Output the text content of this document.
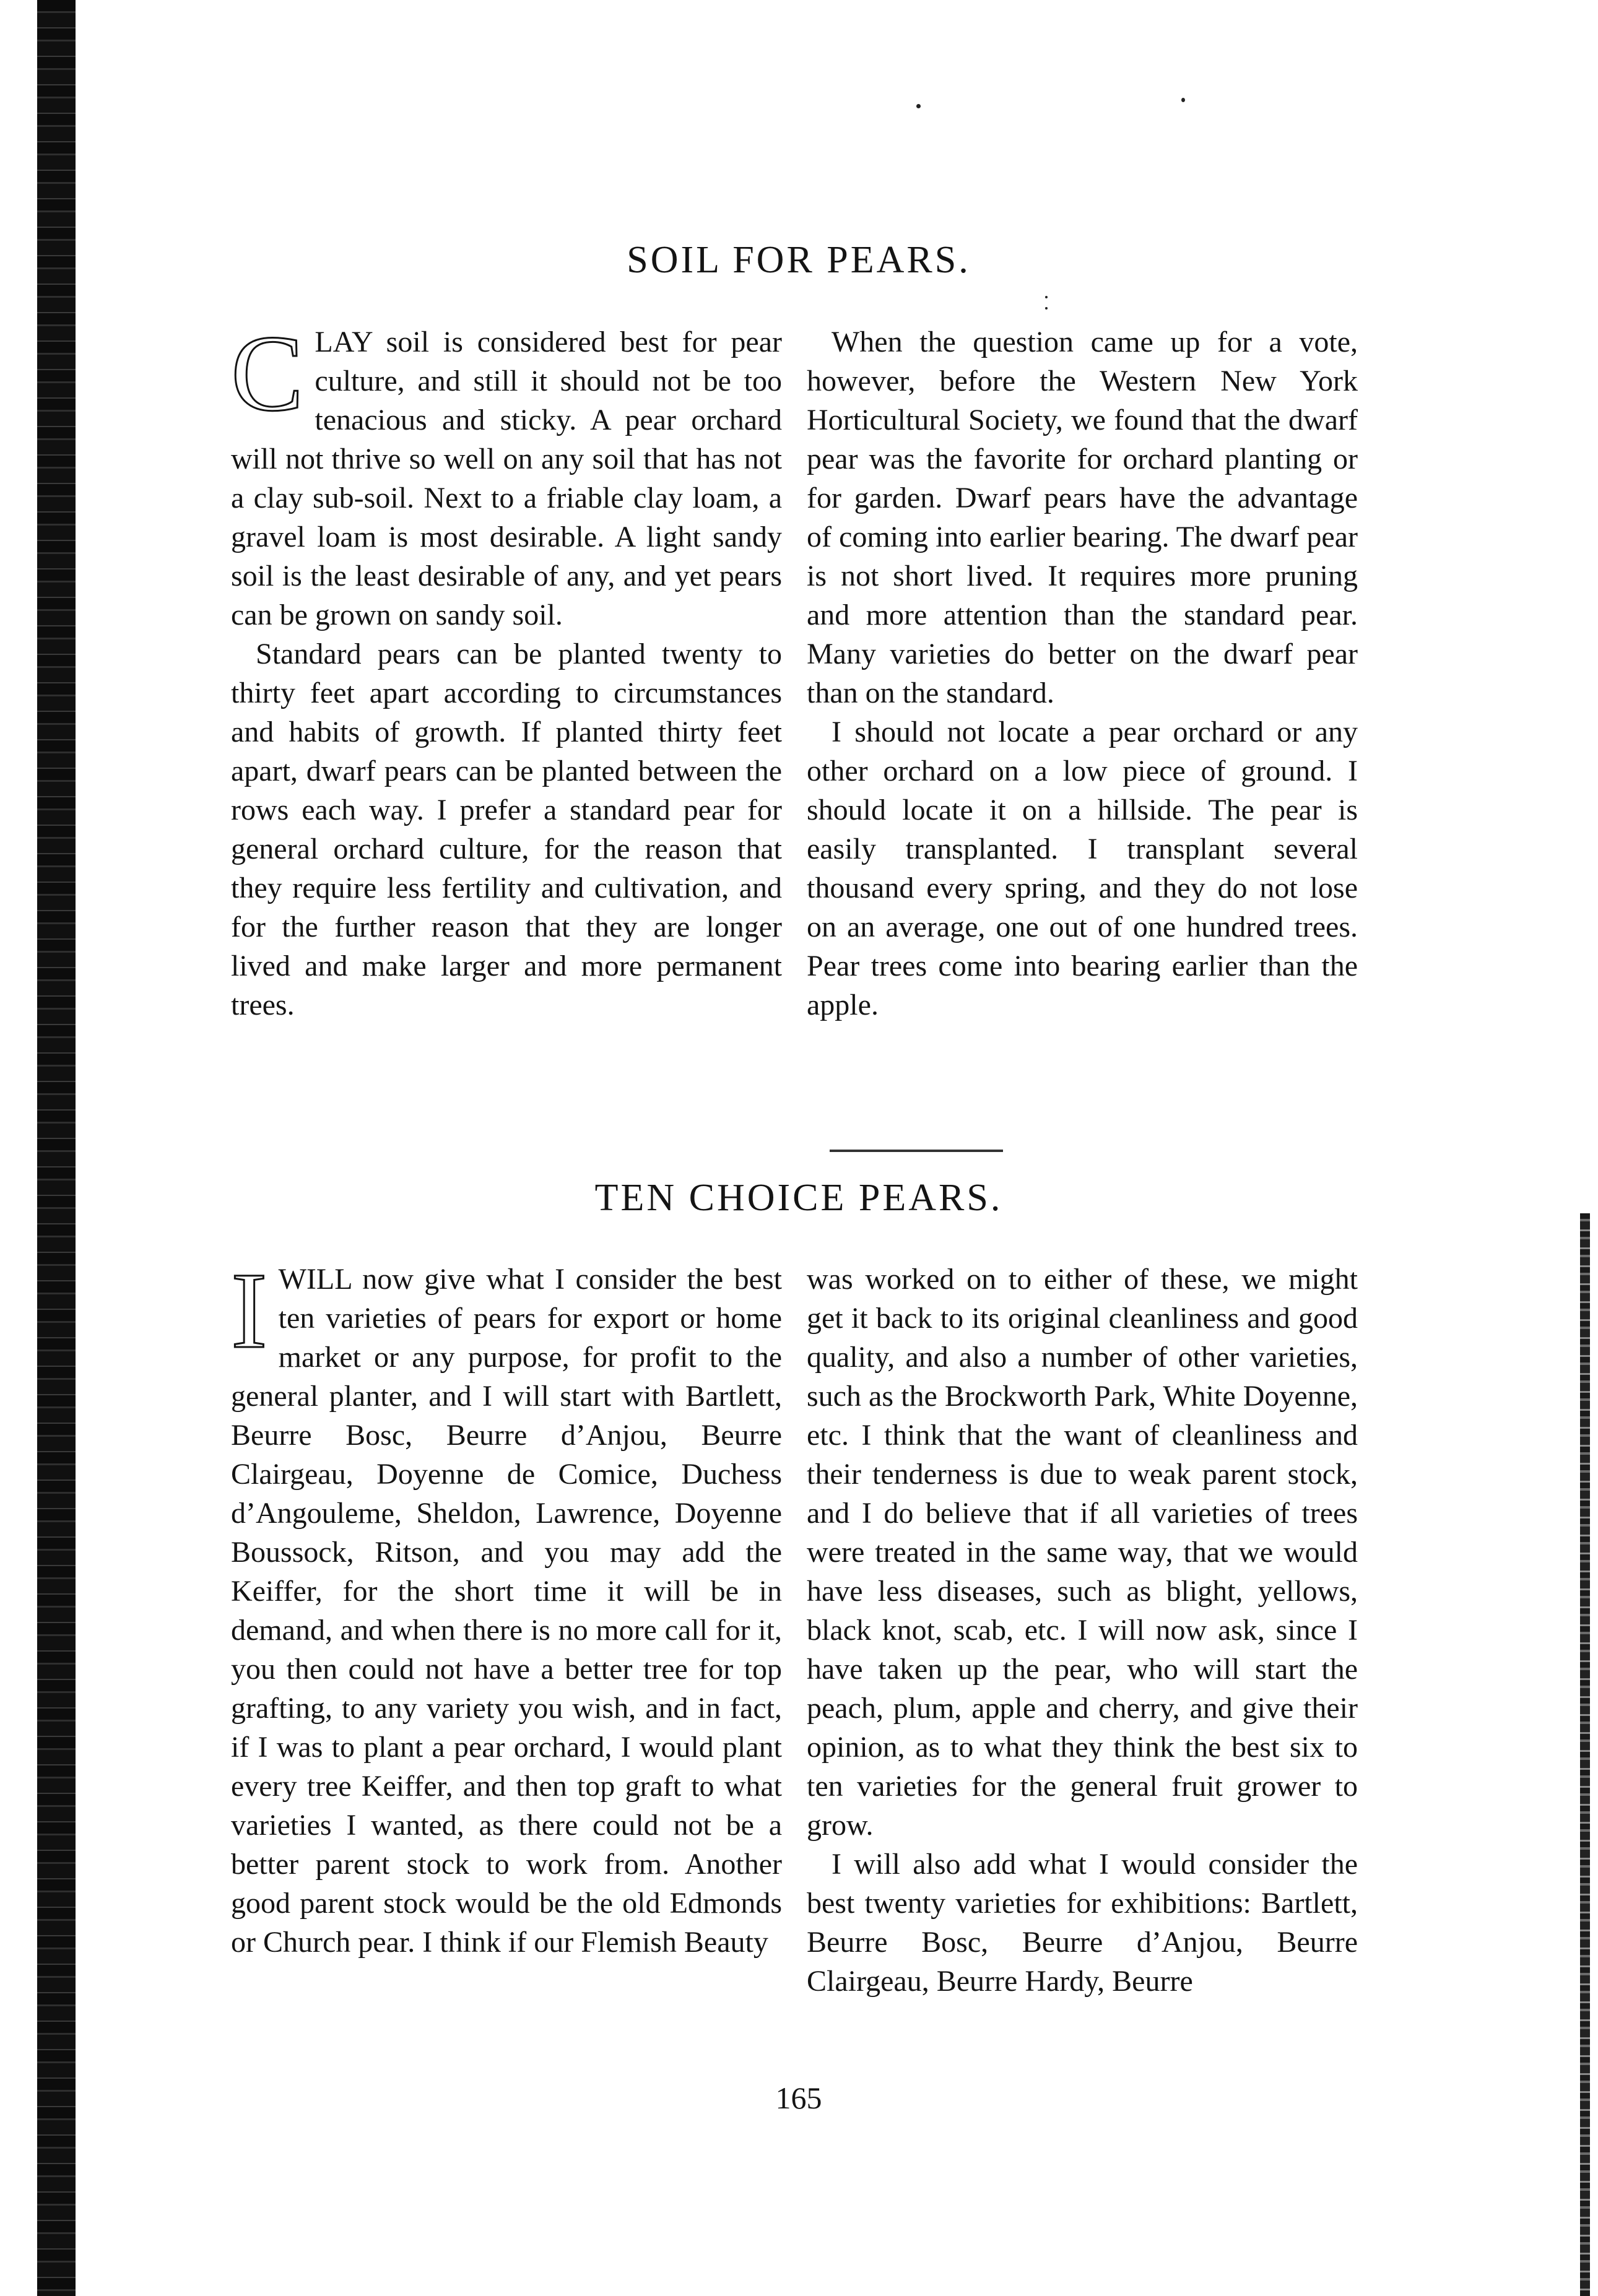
SOIL FOR PEARS.

CLAY soil is considered best for pear culture, and still it should not be too tenacious and sticky. A pear orchard will not thrive so well on any soil that has not a clay sub-soil. Next to a friable clay loam, a gravel loam is most desirable. A light sandy soil is the least desirable of any, and yet pears can be grown on sandy soil.

Standard pears can be planted twenty to thirty feet apart according to circumstances and habits of growth. If planted thirty feet apart, dwarf pears can be planted between the rows each way. I prefer a standard pear for general orchard culture, for the reason that they require less fertility and cultivation, and for the further reason that they are longer lived and make larger and more permanent trees.

When the question came up for a vote, however, before the Western New York Horticultural Society, we found that the dwarf pear was the favorite for orchard planting or for garden. Dwarf pears have the advantage of coming into earlier bearing. The dwarf pear is not short lived. It requires more pruning and more attention than the standard pear. Many varieties do better on the dwarf pear than on the standard.

I should not locate a pear orchard or any other orchard on a low piece of ground. I should locate it on a hillside. The pear is easily transplanted. I transplant several thousand every spring, and they do not lose on an average, one out of one hundred trees. Pear trees come into bearing earlier than the apple.

TEN CHOICE PEARS.

IWILL now give what I consider the best ten varieties of pears for export or home market or any purpose, for profit to the general planter, and I will start with Bartlett, Beurre Bosc, Beurre d’Anjou, Beurre Clairgeau, Doyenne de Comice, Duchess d’Angouleme, Sheldon, Lawrence, Doyenne Boussock, Ritson, and you may add the Keiffer, for the short time it will be in demand, and when there is no more call for it, you then could not have a better tree for top grafting, to any variety you wish, and in fact, if I was to plant a pear orchard, I would plant every tree Keiffer, and then top graft to what varieties I wanted, as there could not be a better parent stock to work from. Another good parent stock would be the old Edmonds or Church pear. I think if our Flemish Beauty

was worked on to either of these, we might get it back to its original cleanliness and good quality, and also a number of other varieties, such as the Brockworth Park, White Doyenne, etc. I think that the want of cleanliness and their tenderness is due to weak parent stock, and I do believe that if all varieties of trees were treated in the same way, that we would have less diseases, such as blight, yellows, black knot, scab, etc. I will now ask, since I have taken up the pear, who will start the peach, plum, apple and cherry, and give their opinion, as to what they think the best six to ten varieties for the general fruit grower to grow.

I will also add what I would consider the best twenty varieties for exhibitions: Bartlett, Beurre Bosc, Beurre d’Anjou, Beurre Clairgeau, Beurre Hardy, Beurre

165
